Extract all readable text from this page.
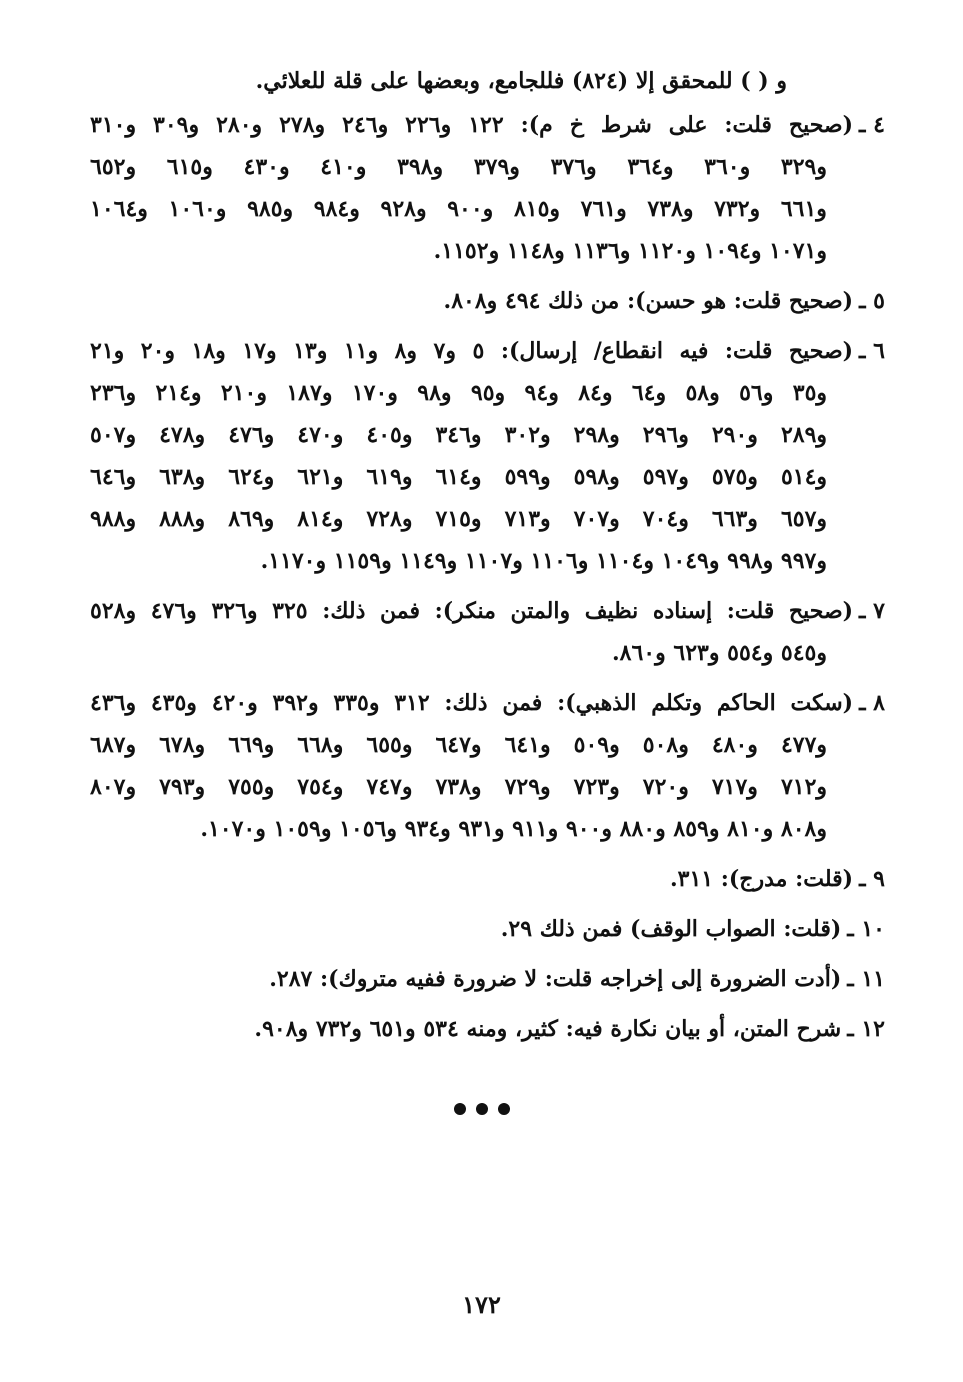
و ( ) للمحقق إلا (٨٢٤) فللجامع، وبعضها على قلة للعلائي.
٤ ـ(صحيح قلت: على شرط خ م): ١٢٢ و٢٢٦ و٢٤٦ و٢٧٨ و٢٨٠ و٣٠٩ و٣١٠
و٣٢٩ و٣٦٠ و٣٦٤ و٣٧٦ و٣٧٩ و٣٩٨ و٤١٠ و٤٣٠ و٦١٥ و٦٥٢
و٦٦١ و٧٣٢ و٧٣٨ و٧٦١ و٨١٥ و٩٠٠ و٩٢٨ و٩٨٤ و٩٨٥ و١٠٦٠ و١٠٦٤
و١٠٧١ و١٠٩٤ و١١٢٠ و١١٣٦ و١١٤٨ و١١٥٢.
٥ ـ(صحيح قلت: هو حسن): من ذلك ٤٩٤ و٨٠٨.
٦ ـ(صحيح قلت: فيه انقطاع/ إرسال): ٥ و٧ و٨ و١١ و١٣ و١٧ و١٨ و٢٠ و٢١
و٣٥ و٥٦ و٥٨ و٦٤ و٨٤ و٩٤ و٩٥ و٩٨ و١٧٠ و١٨٧ و٢١٠ و٢١٤ و٢٣٦
و٢٨٩ و٢٩٠ و٢٩٦ و٢٩٨ و٣٠٢ و٣٤٦ و٤٠٥ و٤٧٠ و٤٧٦ و٤٧٨ و٥٠٧
و٥١٤ و٥٧٥ و٥٩٧ و٥٩٨ و٥٩٩ و٦١٤ و٦١٩ و٦٢١ و٦٢٤ و٦٣٨ و٦٤٦
و٦٥٧ و٦٦٣ و٧٠٤ و٧٠٧ و٧١٣ و٧١٥ و٧٢٨ و٨١٤ و٨٦٩ و٨٨٨ و٩٨٨
و٩٩٧ و٩٩٨ و١٠٤٩ و١١٠٤ و١١٠٦ و١١٠٧ و١١٤٩ و١١٥٩ و١١٧٠.
٧ ـ(صحيح قلت: إسناده نظيف والمتن منكر): فمن ذلك: ٣٢٥ و٣٢٦ و٤٧٦ و٥٢٨
و٥٤٥ و٥٥٤ و٦٢٣ و٨٦٠.
٨ ـ(سكت الحاكم وتكلم الذهبي): فمن ذلك: ٣١٢ و٣٣٥ و٣٩٢ و٤٢٠ و٤٣٥ و٤٣٦
و٤٧٧ و٤٨٠ و٥٠٨ و٥٠٩ و٦٤١ و٦٤٧ و٦٥٥ و٦٦٨ و٦٦٩ و٦٧٨ و٦٨٧
و٧١٢ و٧١٧ و٧٢٠ و٧٢٣ و٧٢٩ و٧٣٨ و٧٤٧ و٧٥٤ و٧٥٥ و٧٩٣ و٨٠٧
و٨٠٨ و٨١٠ و٨٥٩ و٨٨٠ و٩٠٠ و٩١١ و٩٣١ و٩٣٤ و١٠٥٦ و١٠٥٩ و١٠٧٠.
٩ ـ(قلت: مدرج): ٣١١.
١٠ ـ(قلت: الصواب الوقف) فمن ذلك ٢٩.
١١ ـ(أدت الضرورة إلى إخراجه قلت: لا ضرورة ففيه متروك): ٢٨٧.
١٢ ـشرح المتن، أو بيان نكارة فيه: كثير، ومنه ٥٣٤ و٦٥١ و٧٣٢ و٩٠٨.
١٧٢
